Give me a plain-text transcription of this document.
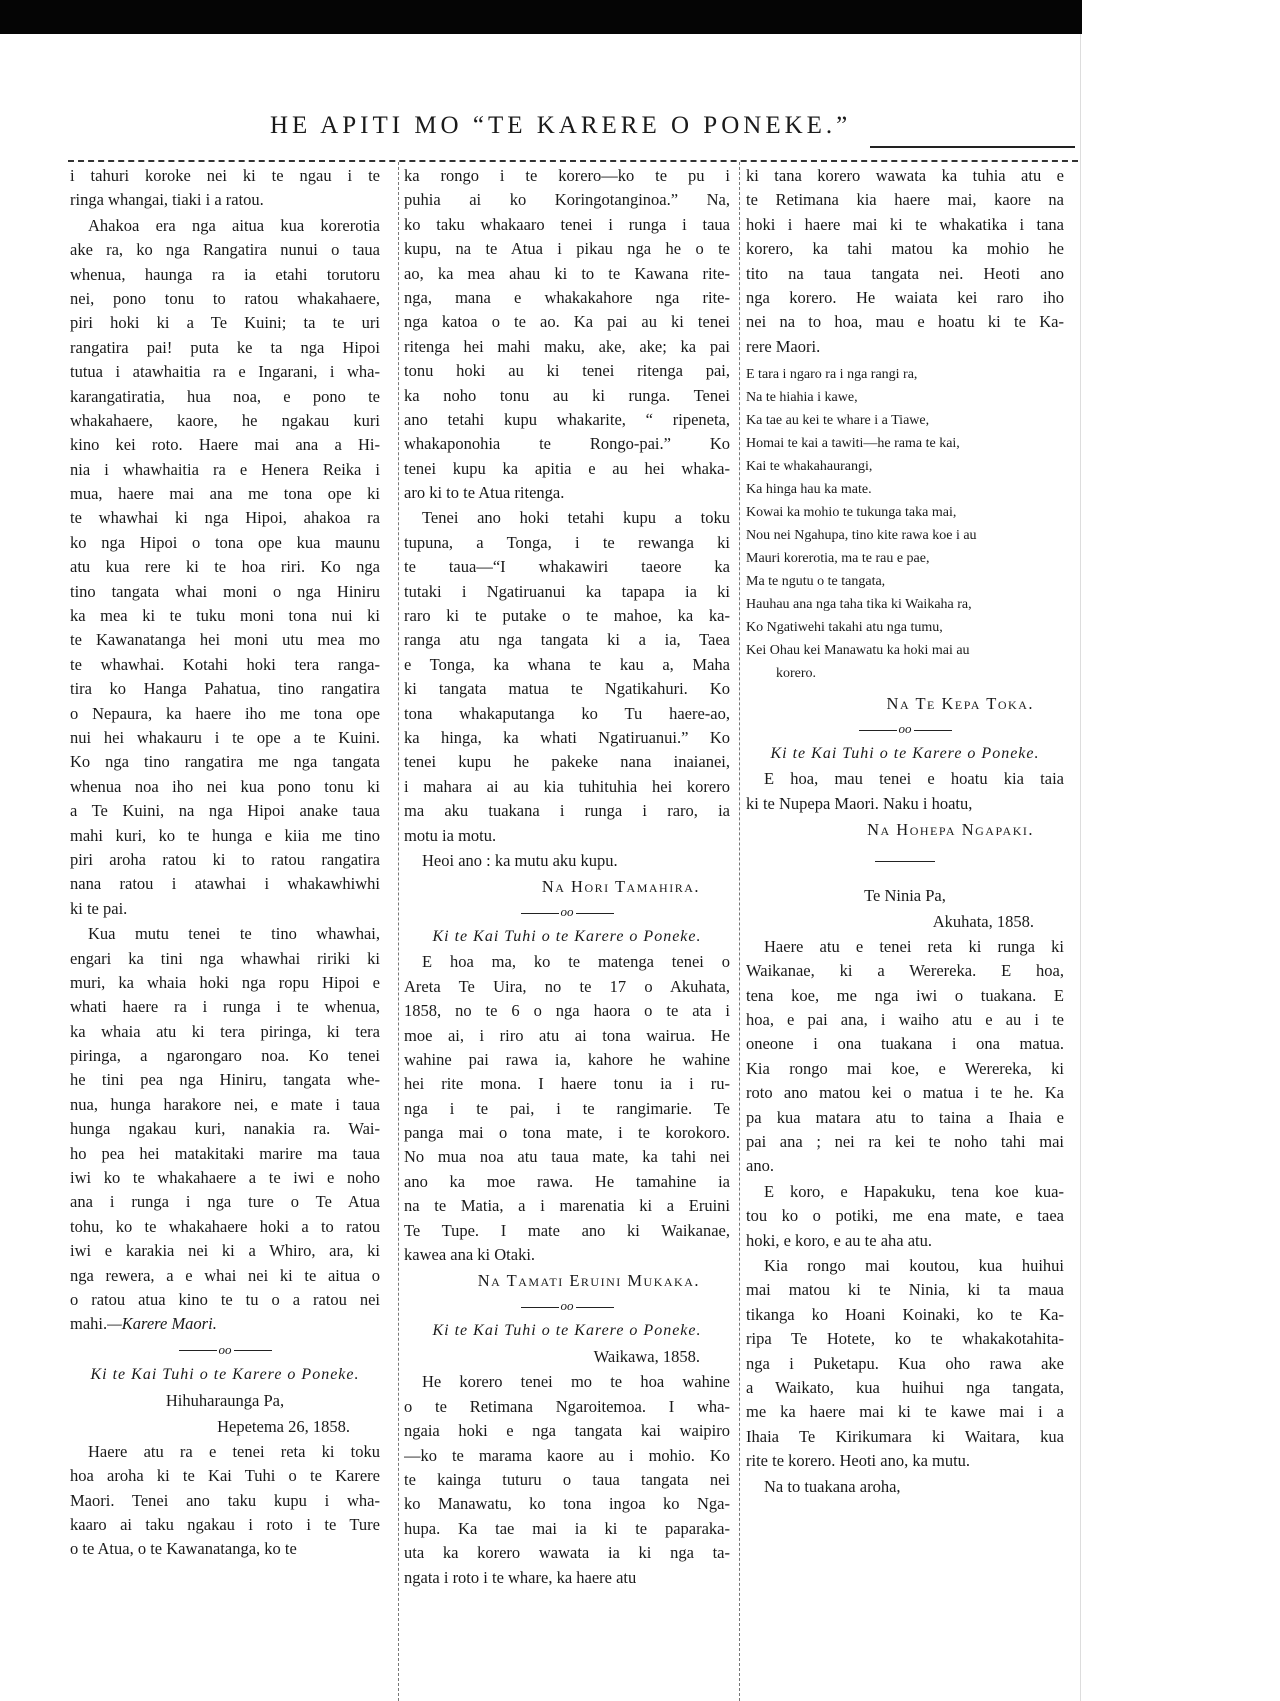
HE APITI MO “TE KARERE O PONEKE.”
i tahuri koroke nei ki te ngau i te
ringa whangai, tiaki i a ratou.
Ahakoa era nga aitua kua korerotia
ake ra, ko nga Rangatira nunui o taua
whenua, haunga ra ia etahi torutoru
nei, pono tonu to ratou whakahaere,
piri hoki ki a Te Kuini; ta te uri
rangatira pai! puta ke ta nga Hipoi
tutua i atawhaitia ra e Ingarani, i wha-
karangatiratia, hua noa, e pono te
whakahaere, kaore, he ngakau kuri
kino kei roto. Haere mai ana a Hi-
nia i whawhaitia ra e Henera Reika i
mua, haere mai ana me tona ope ki
te whawhai ki nga Hipoi, ahakoa ra
ko nga Hipoi o tona ope kua maunu
atu kua rere ki te hoa riri. Ko nga
tino tangata whai moni o nga Hiniru
ka mea ki te tuku moni tona nui ki
te Kawanatanga hei moni utu mea mo
te whawhai. Kotahi hoki tera ranga-
tira ko Hanga Pahatua, tino rangatira
o Nepaura, ka haere iho me tona ope
nui hei whakauru i te ope a te Kuini.
Ko nga tino rangatira me nga tangata
whenua noa iho nei kua pono tonu ki
a Te Kuini, na nga Hipoi anake taua
mahi kuri, ko te hunga e kiia me tino
piri aroha ratou ki to ratou rangatira
nana ratou i atawhai i whakawhiwhi
ki te pai.
Kua mutu tenei te tino whawhai,
engari ka tini nga whawhai ririki ki
muri, ka whaia hoki nga ropu Hipoi e
whati haere ra i runga i te whenua,
ka whaia atu ki tera piringa, ki tera
piringa, a ngarongaro noa. Ko tenei
he tini pea nga Hiniru, tangata whe-
nua, hunga harakore nei, e mate i taua
hunga ngakau kuri, nanakia ra. Wai-
ho pea hei matakitaki marire ma taua
iwi ko te whakahaere a te iwi e noho
ana i runga i nga ture o Te Atua
tohu, ko te whakahaere hoki a to ratou
iwi e karakia nei ki a Whiro, ara, ki
nga rewera, a e whai nei ki te aitua o
o ratou atua kino te tu o a ratou nei
mahi.—Karere Maori.
oo
Ki te Kai Tuhi o te Karere o Poneke.
Hihuharaunga Pa,
Hepetema 26, 1858.
Haere atu ra e tenei reta ki toku
hoa aroha ki te Kai Tuhi o te Karere
Maori. Tenei ano taku kupu i wha-
kaaro ai taku ngakau i roto i te Ture
o te Atua, o te Kawanatanga, ko te
ka rongo i te korero—ko te pu i
puhia ai ko Koringotanginoa.” Na,
ko taku whakaaro tenei i runga i taua
kupu, na te Atua i pikau nga he o te
ao, ka mea ahau ki to te Kawana rite-
nga, mana e whakakahore nga rite-
nga katoa o te ao. Ka pai au ki tenei
ritenga hei mahi maku, ake, ake; ka pai
tonu hoki au ki tenei ritenga pai,
ka noho tonu au ki runga. Tenei
ano tetahi kupu whakarite, “ ripeneta,
whakaponohia te Rongo-pai.” Ko
tenei kupu ka apitia e au hei whaka-
aro ki to te Atua ritenga.
Tenei ano hoki tetahi kupu a toku
tupuna, a Tonga, i te rewanga ki
te taua—“I whakawiri taeore ka
tutaki i Ngatiruanui ka tapapa ia ki
raro ki te putake o te mahoe, ka ka-
ranga atu nga tangata ki a ia, Taea
e Tonga, ka whana te kau a, Maha
ki tangata matua te Ngatikahuri. Ko
tona whakaputanga ko Tu haere-ao,
ka hinga, ka whati Ngatiruanui.” Ko
tenei kupu he pakeke nana inaianei,
i mahara ai au kia tuhituhia hei korero
ma aku tuakana i runga i raro, ia
motu ia motu.
Heoi ano : ka mutu aku kupu.
Na Hori Tamahira.
oo
Ki te Kai Tuhi o te Karere o Poneke.
E hoa ma, ko te matenga tenei o
Areta Te Uira, no te 17 o Akuhata,
1858, no te 6 o nga haora o te ata i
moe ai, i riro atu ai tona wairua. He
wahine pai rawa ia, kahore he wahine
hei rite mona. I haere tonu ia i ru-
nga i te pai, i te rangimarie. Te
panga mai o tona mate, i te korokoro.
No mua noa atu taua mate, ka tahi nei
ano ka moe rawa. He tamahine ia
na te Matia, a i marenatia ki a Eruini
Te Tupe. I mate ano ki Waikanae,
kawea ana ki Otaki.
Na Tamati Eruini Mukaka.
oo
Ki te Kai Tuhi o te Karere o Poneke.
Waikawa, 1858.
He korero tenei mo te hoa wahine
o te Retimana Ngaroitemoa. I wha-
ngaia hoki e nga tangata kai waipiro
—ko te marama kaore au i mohio. Ko
te kainga tuturu o taua tangata nei
ko Manawatu, ko tona ingoa ko Nga-
hupa. Ka tae mai ia ki te paparaka-
uta ka korero wawata ia ki nga ta-
ngata i roto i te whare, ka haere atu
ki tana korero wawata ka tuhia atu e
te Retimana kia haere mai, kaore na
hoki i haere mai ki te whakatika i tana
korero, ka tahi matou ka mohio he
tito na taua tangata nei. Heoti ano
nga korero. He waiata kei raro iho
nei na to hoa, mau e hoatu ki te Ka-
rere Maori.
E tara i ngaro ra i nga rangi ra,
Na te hiahia i kawe,
Ka tae au kei te whare i a Tiawe,
Homai te kai a tawiti—he rama te kai,
Kai te whakahaurangi,
Ka hinga hau ka mate.
Kowai ka mohio te tukunga taka mai,
Nou nei Ngahupa, tino kite rawa koe i au
Mauri korerotia, ma te rau e pae,
Ma te ngutu o te tangata,
Hauhau ana nga taha tika ki Waikaha ra,
Ko Ngatiwehi takahi atu nga tumu,
Kei Ohau kei Manawatu ka hoki mai au
korero.
Na Te Kepa Toka.
oo
Ki te Kai Tuhi o te Karere o Poneke.
E hoa, mau tenei e hoatu kia taia
ki te Nupepa Maori. Naku i hoatu,
Na Hohepa Ngapaki.
Te Ninia Pa,
Akuhata, 1858.
Haere atu e tenei reta ki runga ki
Waikanae, ki a Werereka. E hoa,
tena koe, me nga iwi o tuakana. E
hoa, e pai ana, i waiho atu e au i te
oneone i ona tuakana i ona matua.
Kia rongo mai koe, e Werereka, ki
roto ano matou kei o matua i te he. Ka
pa kua matara atu to taina a Ihaia e
pai ana ; nei ra kei te noho tahi mai
ano.
E koro, e Hapakuku, tena koe kua-
tou ko o potiki, me ena mate, e taea
hoki, e koro, e au te aha atu.
Kia rongo mai koutou, kua huihui
mai matou ki te Ninia, ki ta maua
tikanga ko Hoani Koinaki, ko te Ka-
ripa Te Hotete, ko te whakakotahita-
nga i Puketapu. Kua oho rawa ake
a Waikato, kua huihui nga tangata,
me ka haere mai ki te kawe mai i a
Ihaia Te Kirikumara ki Waitara, kua
rite te korero. Heoti ano, ka mutu.
Na to tuakana aroha,
